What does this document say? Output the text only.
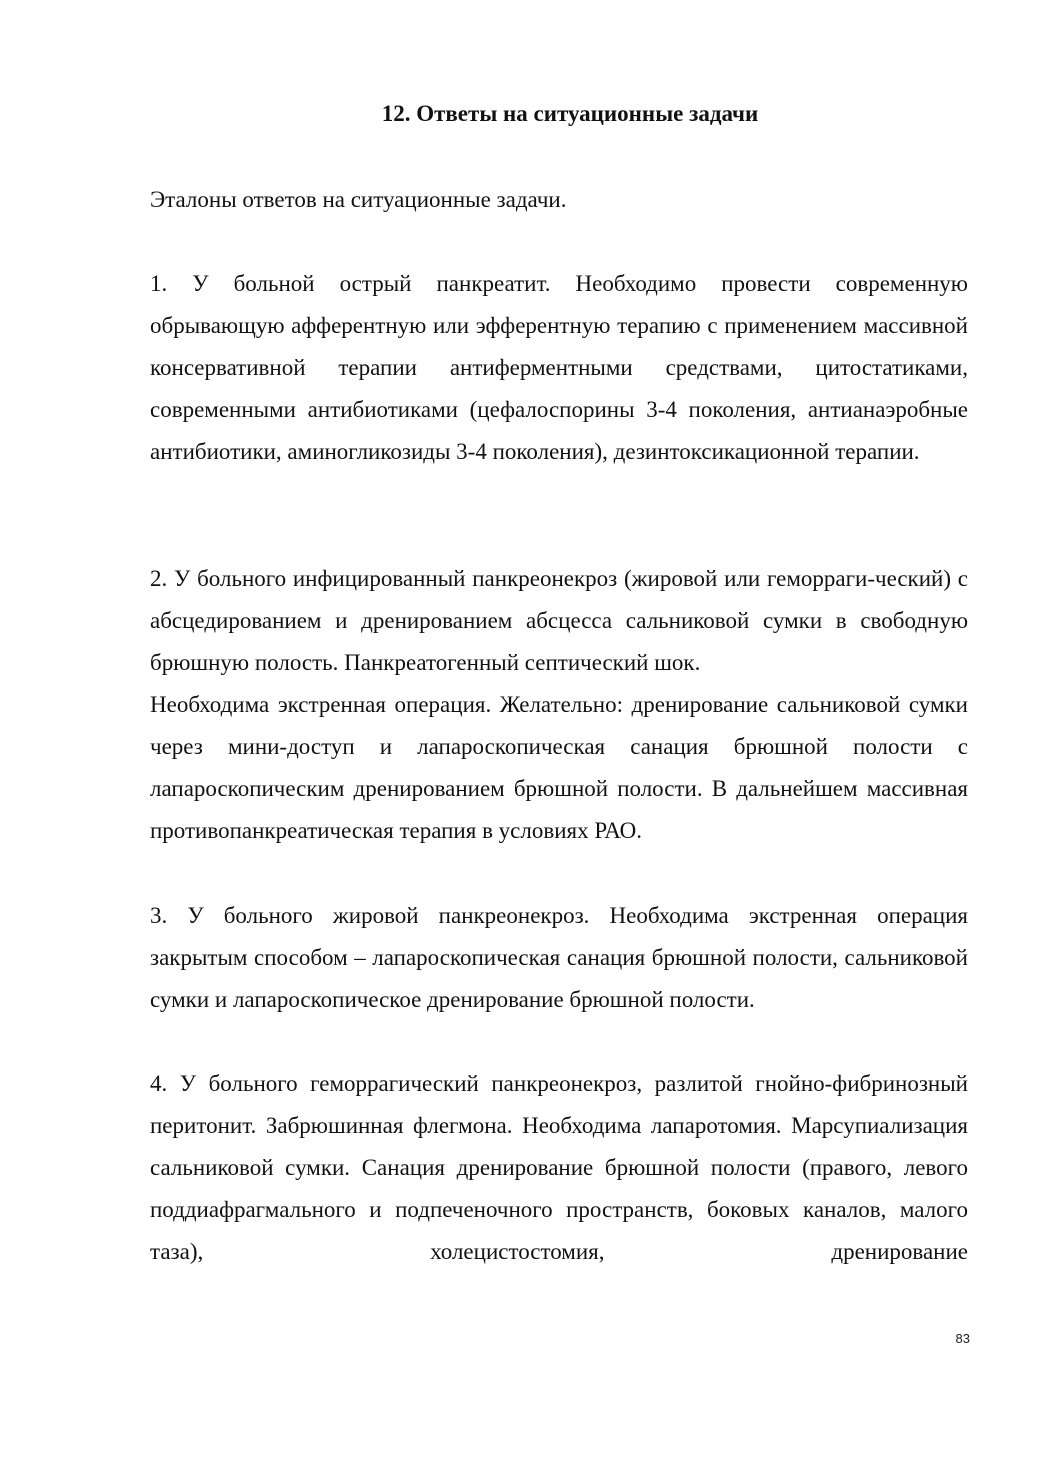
12. Ответы на ситуационные задачи

Эталоны ответов на ситуационные задачи.

1. У больной острый панкреатит. Необходимо провести современную обрывающую афферентную или эфферентную терапию с применением массивной консервативной терапии антиферментными средствами, цитостатиками, современными антибиотиками (цефалоспорины 3-4 поколения, антианаэробные антибиотики, аминогликозиды 3-4 поколения), дезинтоксикационной терапии.

2. У больного инфицированный панкреонекроз (жировой или геморраги-ческий) с абсцедированием и дренированием абсцесса сальниковой сумки в свободную брюшную полость. Панкреатогенный септический шок.

Необходима экстренная операция. Желательно: дренирование сальниковой сумки через мини-доступ и лапароскопическая санация брюшной полости с лапароскопическим дренированием брюшной полости. В дальнейшем массивная противопанкреатическая терапия в условиях РАО.

3. У больного жировой панкреонекроз. Необходима экстренная операция закрытым способом – лапароскопическая санация брюшной полости, сальниковой сумки и лапароскопическое дренирование брюшной полости.

4. У больного геморрагический панкреонекроз, разлитой гнойно-фибринозный перитонит. Забрюшинная флегмона. Необходима лапаротомия. Марсупиализация сальниковой сумки. Санация дренирование брюшной полости (правого, левого поддиафрагмального и подпеченочного пространств, боковых каналов, малого таза), холецистостомия, дренирование

83
